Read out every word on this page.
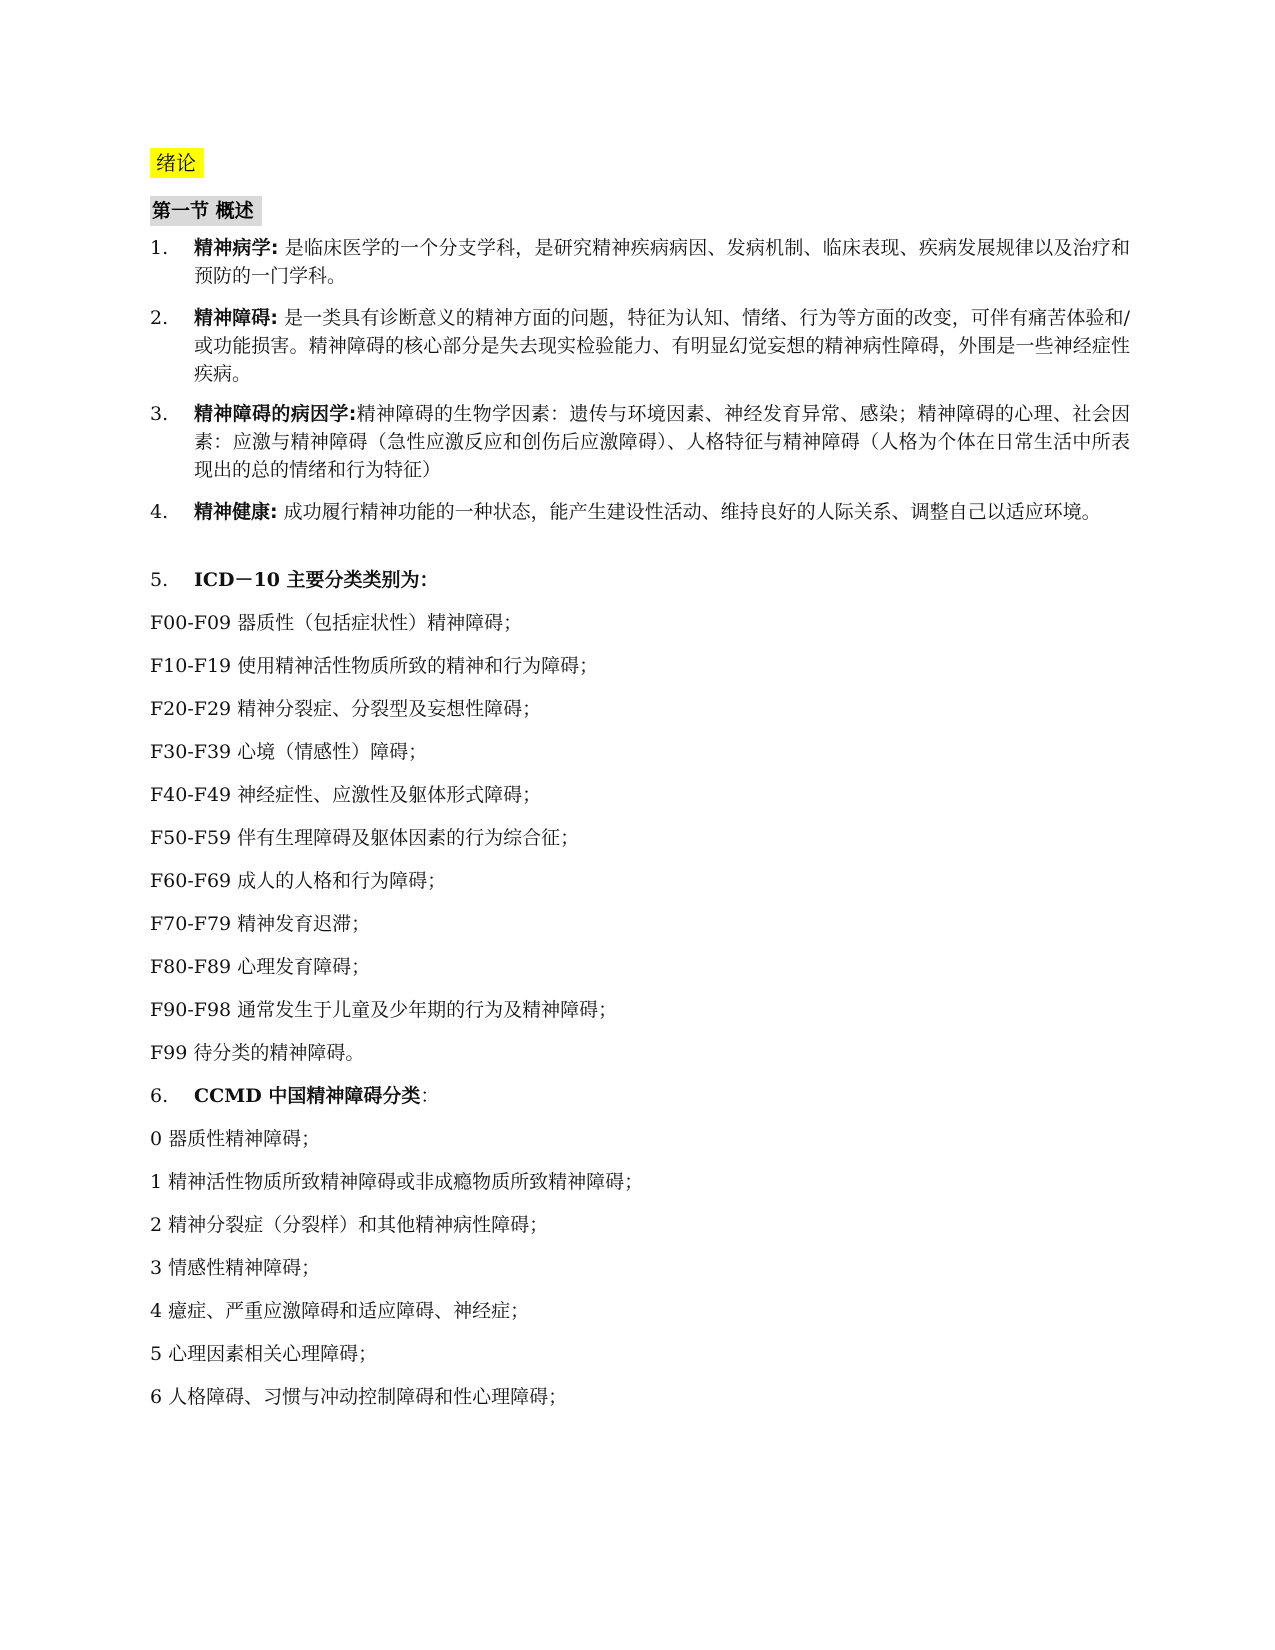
绪论
第一节 概述
1.	精神病学: 是临床医学的一个分支学科，是研究精神疾病病因、发病机制、临床表现、疾病发展规律以及治疗和预防的一门学科。
2.	精神障碍: 是一类具有诊断意义的精神方面的问题，特征为认知、情绪、行为等方面的改变，可伴有痛苦体验和/或功能损害。精神障碍的核心部分是失去现实检验能力、有明显幻觉妄想的精神病性障碍，外围是一些神经症性疾病。
3.	精神障碍的病因学:精神障碍的生物学因素：遗传与环境因素、神经发育异常、感染；精神障碍的心理、社会因素：应激与精神障碍（急性应激反应和创伤后应激障碍）、人格特征与精神障碍（人格为个体在日常生活中所表现出的总的情绪和行为特征）
4.	精神健康: 成功履行精神功能的一种状态，能产生建设性活动、维持良好的人际关系、调整自己以适应环境。
5.	ICD－10 主要分类类别为：
F00-F09 器质性（包括症状性）精神障碍；
F10-F19 使用精神活性物质所致的精神和行为障碍；
F20-F29 精神分裂症、分裂型及妄想性障碍；
F30-F39 心境（情感性）障碍；
F40-F49 神经症性、应激性及躯体形式障碍；
F50-F59 伴有生理障碍及躯体因素的行为综合征；
F60-F69 成人的人格和行为障碍；
F70-F79 精神发育迟滞；
F80-F89 心理发育障碍；
F90-F98 通常发生于儿童及少年期的行为及精神障碍；
F99 待分类的精神障碍。
6.	CCMD 中国精神障碍分类：
0 器质性精神障碍；
1 精神活性物质所致精神障碍或非成瘾物质所致精神障碍；
2 精神分裂症（分裂样）和其他精神病性障碍；
3 情感性精神障碍；
4 癔症、严重应激障碍和适应障碍、神经症；
5 心理因素相关心理障碍；
6 人格障碍、习惯与冲动控制障碍和性心理障碍；
